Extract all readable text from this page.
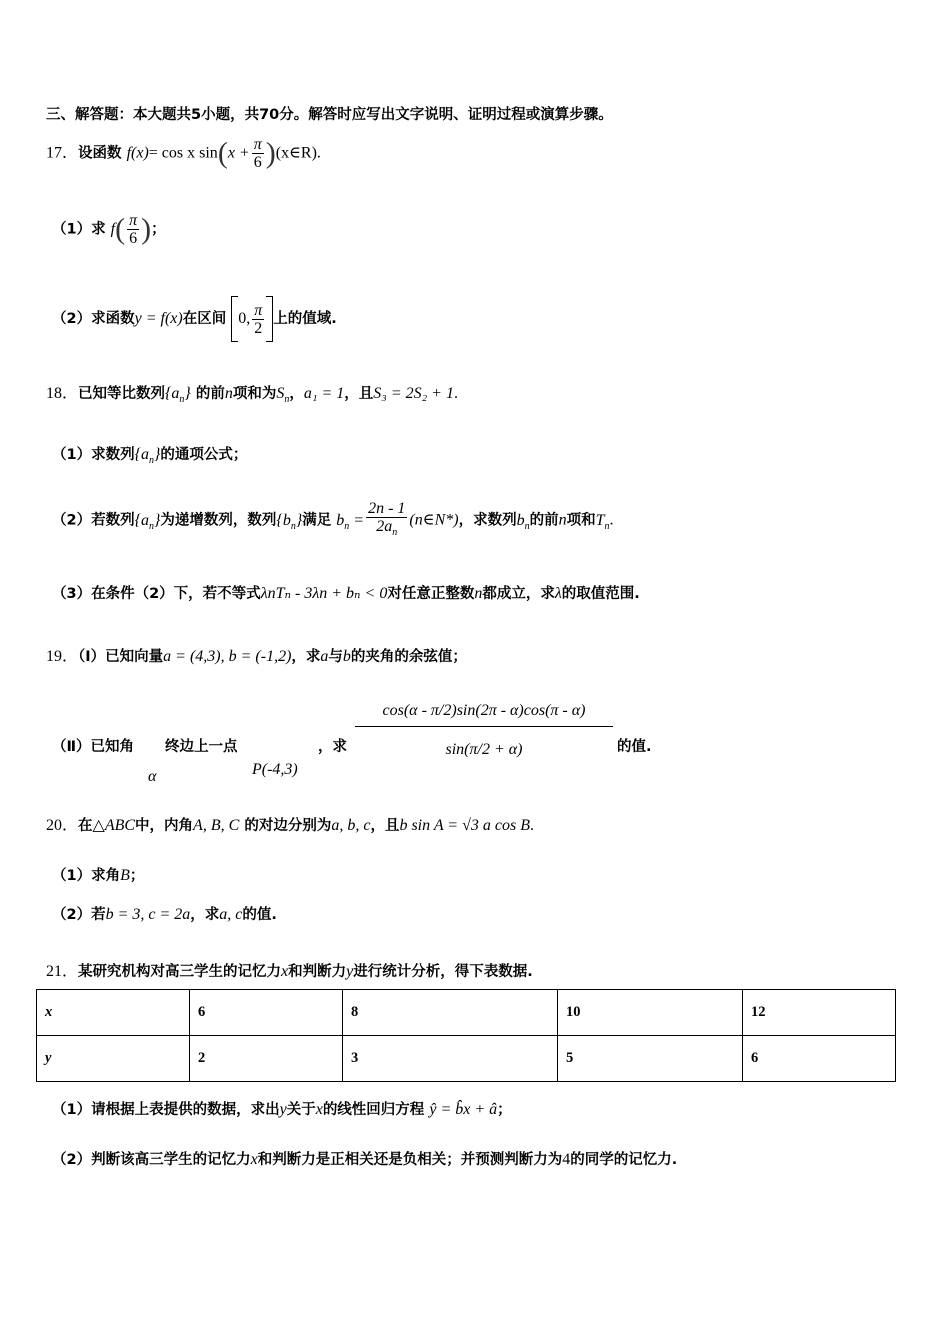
三、解答题：本大题共5小题，共70分。解答时应写出文字说明、证明过程或演算步骤。
17．设函数 f(x)= cos x $\sin(x + \frac{\pi}{6}$ )(x∈R).
（1）求 $f( \frac{\pi}{6}$ )；
（2）求函数y = f(x)在区间 0, $\frac{\pi}{2}$ 上的值域.
18．已知等比数列$\{a_n\}$ 的前n项和为$S_n$，a₁ = 1，且S₃ = 2S₂ + 1.
（1）求数列$\{a_n\}$的通项公式；
（2）若数列$\{a_n\}$为递增数列，数列$\{b_n\}$满足 $b_n = \frac{2n - 1}{2a_n}$ (n∈N*)，求数列$b_n$的前n项和$T_n$.
（3）在条件（2）下，若不等式λnTₙ - 3λn + bₙ < 0对任意正整数n都成立，求λ的取值范围.
19．（Ⅰ）已知向量a = (4,3), b = (-1,2)，求a与b的夹角的余弦值；
（Ⅱ）已知角
α
终边上一点
P(-4,3)
，求 $\frac{\cos(\alpha - \pi/2)\sin(2\pi - \alpha)\cos(\pi - \alpha)}{\sin(\pi/2 + \alpha)}$ 的值.
20．在△ABC中，内角A, B, C 的对边分别为a, b, c，且b sin A = √3 a cos B.
（1）求角B；
（2）若b = 3, c = 2a，求a, c的值.
21．某研究机构对高三学生的记忆力x和判断力y进行统计分析，得下表数据.
x	6	8	10	12
y	2	3	5	6
（1）请根据上表提供的数据，求出y关于x的线性回归方程 ŷ = b̂x + â；
（2）判断该高三学生的记忆力x和判断力是正相关还是负相关；并预测判断力为4的同学的记忆力.
